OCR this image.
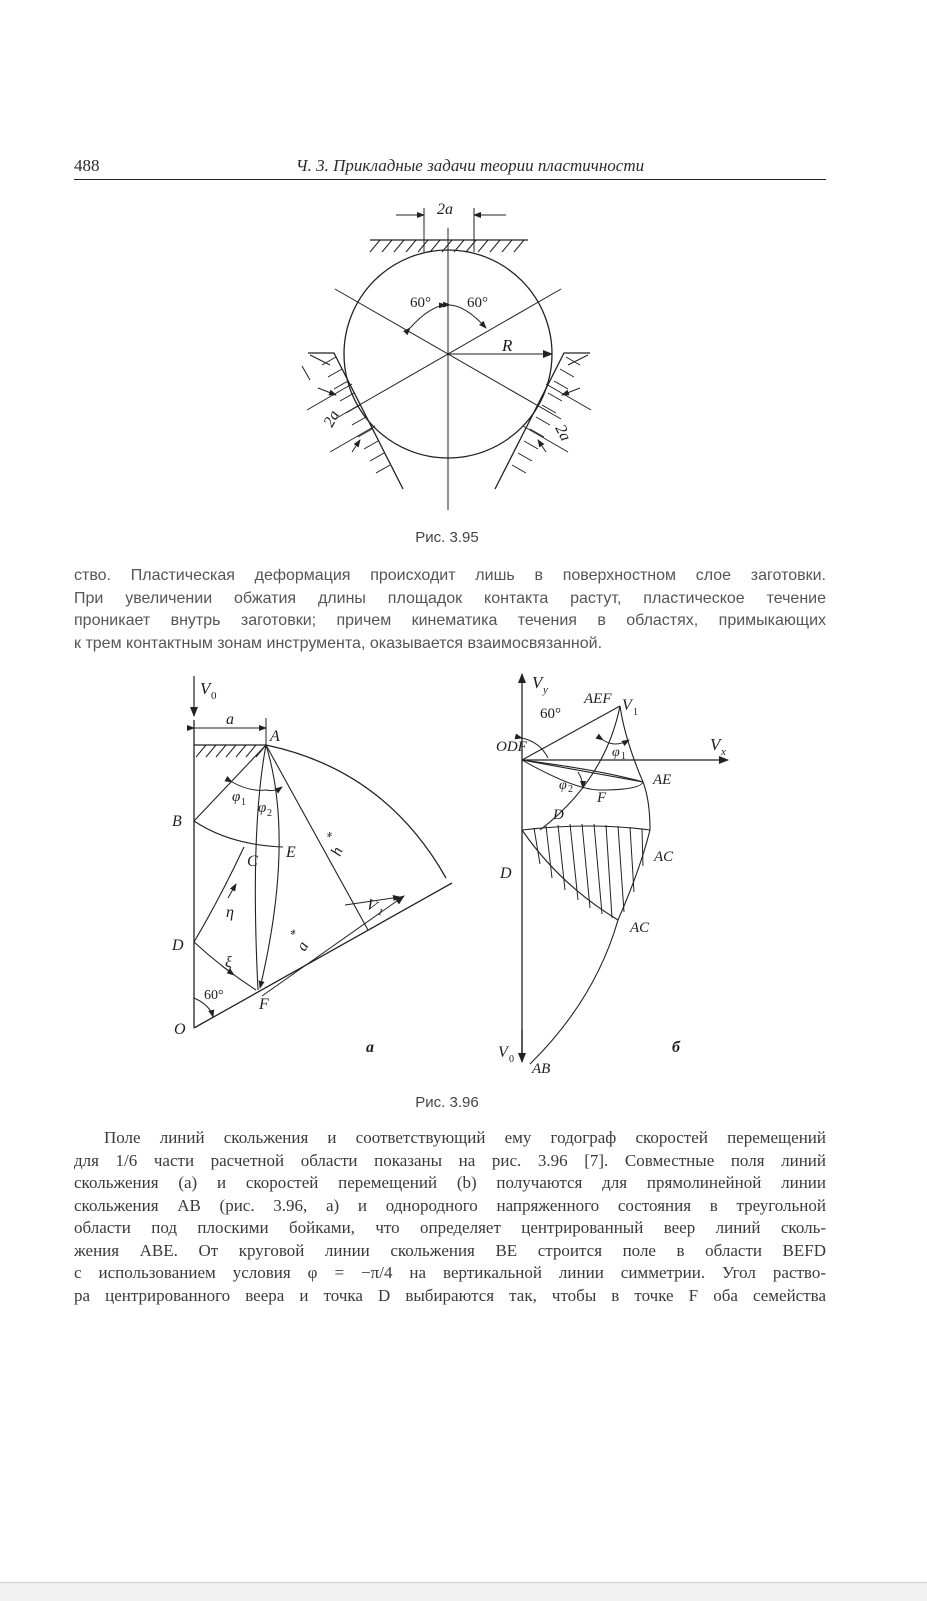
488	Ч. 3. Прикладные задачи теории пластичности
2a
60° 60°
R
2a
2a
Рис. 3.95

ство. Пластическая деформация происходит лишь в поверхностном слое заготовки.
При увеличении обжатия длины площадок контакта растут, пластическое течение
проникает внутрь заготовки; причем кинематика течения в областях, примыкающих
к трем контактным зонам инструмента, оказывается взаимосвязанной.

V 0
a
A
B
C
E
D
F
O
φ 1 φ 2
h
*
a
*
V
1
η
ξ
60°
а
V y
V x
60°
AEF V 1
ODF	φ 1
φ 2
AE
F
D
D
AC
AC
V 0
AB
б
Рис. 3.96

Поле линий скольжения и соответствующий ему годограф скоростей перемещений
для 1/6 части расчетной области показаны на рис. 3.96 [7]. Совместные поля линий
скольжения (a) и скоростей перемещений (b) получаются для прямолинейной линии
скольжения AB (рис. 3.96, a) и однородного напряженного состояния в треугольной
области под плоскими бойками, что определяет центрированный веер линий сколь-
жения ABE. От круговой линии скольжения BE строится поле в области BEFD
с использованием условия φ = −π/4 на вертикальной линии симметрии. Угол раство-
ра центрированного веера и точка D выбираются так, чтобы в точке F оба семейства
